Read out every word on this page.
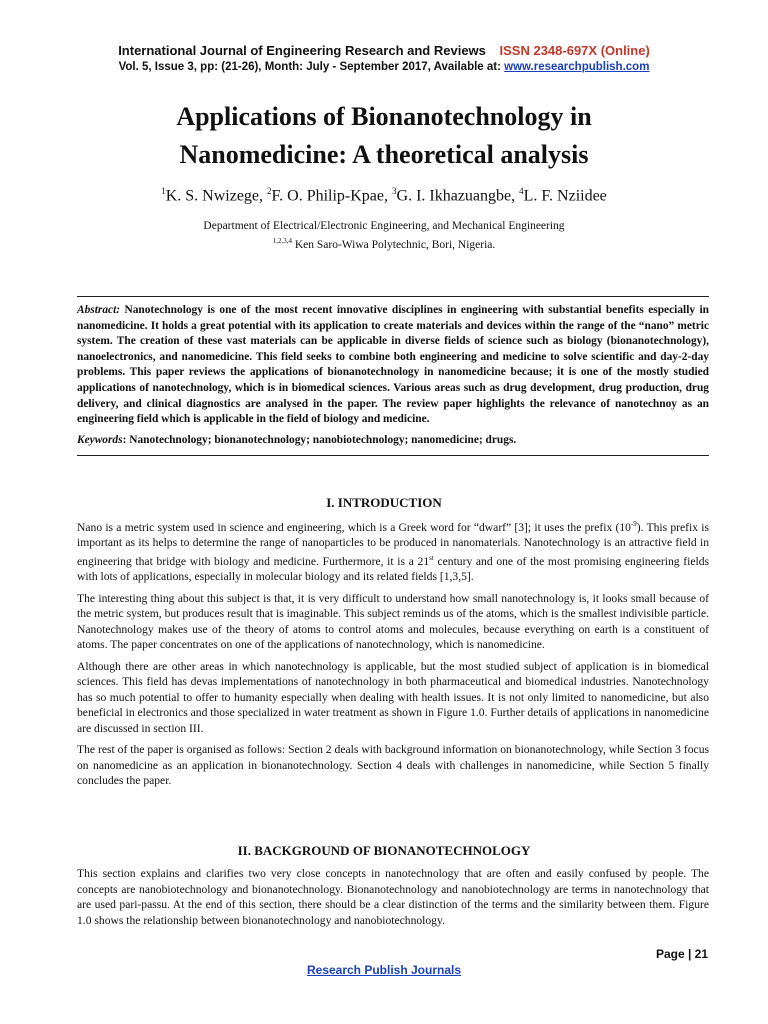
International Journal of Engineering Research and Reviews ISSN 2348-697X (Online)
Vol. 5, Issue 3, pp: (21-26), Month: July - September 2017, Available at: www.researchpublish.com
Applications of Bionanotechnology in
Nanomedicine: A theoretical analysis
$^1$K. S. Nwizege, $^2$F. O. Philip-Kpae, $^3$G. I. Ikhazuangbe, $^4$L. F. Nziidee
Department of Electrical/Electronic Engineering, and Mechanical Engineering
$^{1,2,3,4}$ Ken Saro-Wiwa Polytechnic, Bori, Nigeria.

Abstract: Nanotechnology is one of the most recent innovative disciplines in engineering with substantial benefits especially in nanomedicine. It holds a great potential with its application to create materials and devices within the range of the “nano” metric system. The creation of these vast materials can be applicable in diverse fields of science such as biology (bionanotechnology), nanoelectronics, and nanomedicine. This field seeks to combine both engineering and medicine to solve scientific and day-2-day problems. This paper reviews the applications of bionanotechnology in nanomedicine because; it is one of the mostly studied applications of nanotechnology, which is in biomedical sciences. Various areas such as drug development, drug production, drug delivery, and clinical diagnostics are analysed in the paper. The review paper highlights the relevance of nanotechnoy as an engineering field which is applicable in the field of biology and medicine.

Keywords: Nanotechnology; bionanotechnology; nanobiotechnology; nanomedicine; drugs.

I. INTRODUCTION

Nano is a metric system used in science and engineering, which is a Greek word for “dwarf” [3]; it uses the prefix $(10^{-9})$. This prefix is important as its helps to determine the range of nanoparticles to be produced in nanomaterials. Nanotechnology is an attractive field in engineering that bridge with biology and medicine. Furthermore, it is a 21st century and one of the most promising engineering fields with lots of applications, especially in molecular biology and its related fields [1,3,5].

The interesting thing about this subject is that, it is very difficult to understand how small nanotechnology is, it looks small because of the metric system, but produces result that is imaginable. This subject reminds us of the atoms, which is the smallest indivisible particle. Nanotechnology makes use of the theory of atoms to control atoms and molecules, because everything on earth is a constituent of atoms. The paper concentrates on one of the applications of nanotechnology, which is nanomedicine.

Although there are other areas in which nanotechnology is applicable, but the most studied subject of application is in biomedical sciences. This field has devas implementations of nanotechnology in both pharmaceutical and biomedical industries. Nanotechnology has so much potential to offer to humanity especially when dealing with health issues. It is not only limited to nanomedicine, but also beneficial in electronics and those specialized in water treatment as shown in Figure 1.0. Further details of applications in nanomedicine are discussed in section III.

The rest of the paper is organised as follows: Section 2 deals with background information on bionanotechnology, while Section 3 focus on nanomedicine as an application in bionanotechnology. Section 4 deals with challenges in nanomedicine, while Section 5 finally concludes the paper.

II. BACKGROUND OF BIONANOTECHNOLOGY

This section explains and clarifies two very close concepts in nanotechnology that are often and easily confused by people. The concepts are nanobiotechnology and bionanotechnology. Bionanotechnology and nanobiotechnology are terms in nanotechnology that are used pari-passu. At the end of this section, there should be a clear distinction of the terms and the similarity between them. Figure 1.0 shows the relationship between bionanotechnology and nanobiotechnology.

Page | 21
Research Publish Journals
